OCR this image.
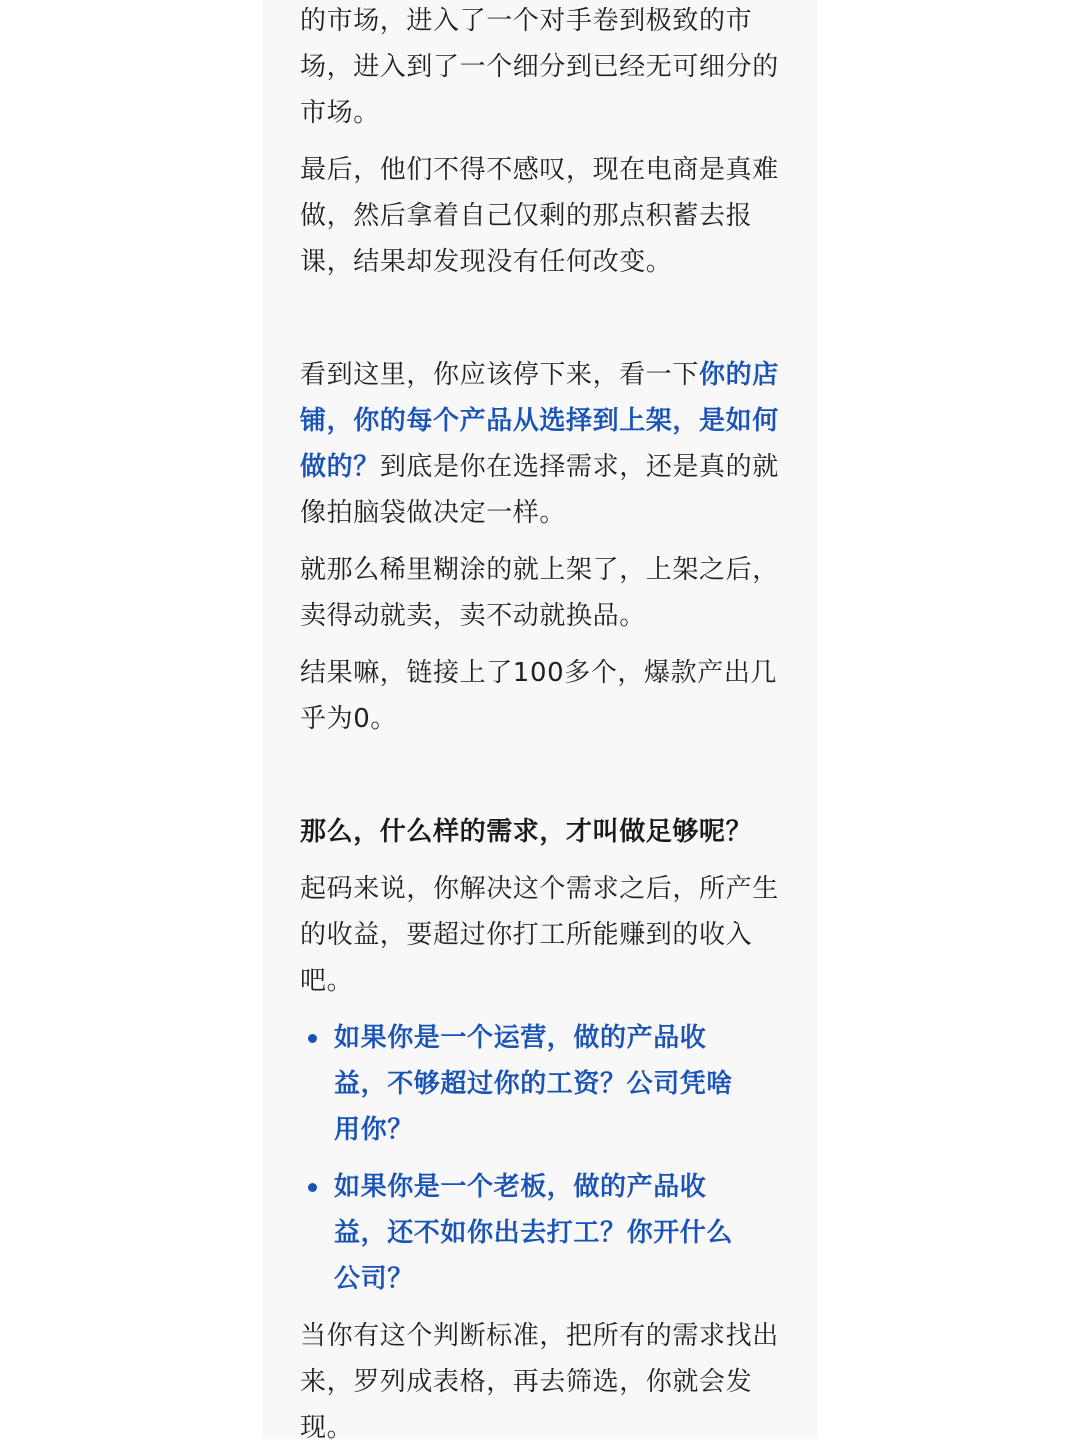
的市场，进入了一个对手卷到极致的市场，进入到了一个细分到已经无可细分的市场。

最后，他们不得不感叹，现在电商是真难做，然后拿着自己仅剩的那点积蓄去报课，结果却发现没有任何改变。

看到这里，你应该停下来，看一下你的店铺，你的每个产品从选择到上架，是如何做的？到底是你在选择需求，还是真的就像拍脑袋做决定一样。

就那么稀里糊涂的就上架了，上架之后，卖得动就卖，卖不动就换品。

结果嘛，链接上了100多个，爆款产出几乎为0。

那么，什么样的需求，才叫做足够呢？

起码来说，你解决这个需求之后，所产生的收益，要超过你打工所能赚到的收入吧。

如果你是一个运营，做的产品收益，不够超过你的工资？公司凭啥用你？
如果你是一个老板，做的产品收益，还不如你出去打工？你开什么公司？

当你有这个判断标准，把所有的需求找出来，罗列成表格，再去筛选，你就会发现。
